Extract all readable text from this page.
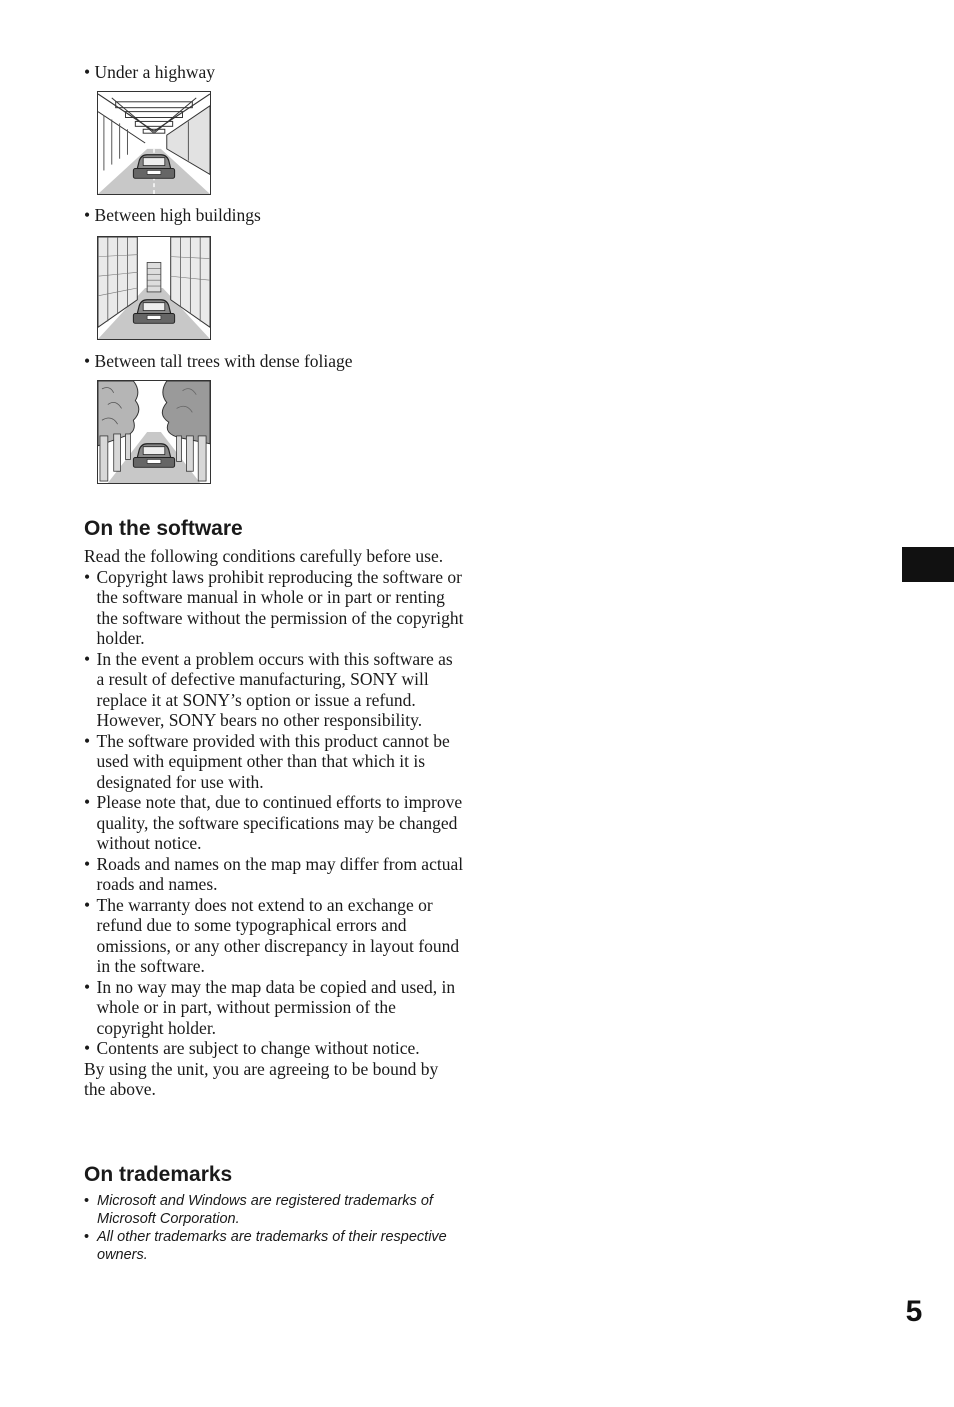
• Under a highway
• Between high buildings
• Between tall trees with dense foliage
On the software

Read the following conditions carefully before use.

• Copyright laws prohibit reproducing the software or the software manual in whole or in part or renting the software without the permission of the copyright holder.
• In the event a problem occurs with this software as a result of defective manufacturing, SONY will replace it at SONY’s option or issue a refund. However, SONY bears no other responsibility.
• The software provided with this product cannot be used with equipment other than that which it is designated for use with.
• Please note that, due to continued efforts to improve quality, the software specifications may be changed without notice.
• Roads and names on the map may differ from actual roads and names.
• The warranty does not extend to an exchange or refund due to some typographical errors and omissions, or any other discrepancy in layout found in the software.
• In no way may the map data be copied and used, in whole or in part, without permission of the copyright holder.
• Contents are subject to change without notice.

By using the unit, you are agreeing to be bound by the above.

On trademarks
• Microsoft and Windows are registered trademarks of Microsoft Corporation.
• All other trademarks are trademarks of their respective owners.
5
